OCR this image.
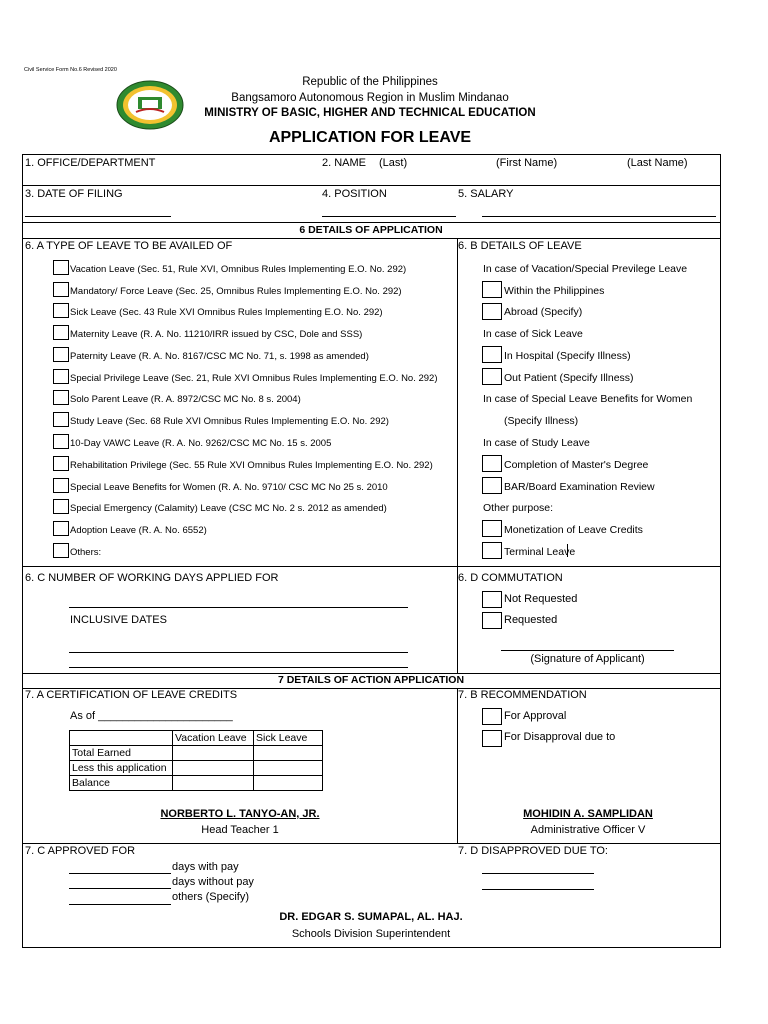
Civil Service Form No.6 Revised 2020
Republic of the Philippines
Bangsamoro Autonomous Region in Muslim Mindanao
MINISTRY OF BASIC, HIGHER AND TECHNICAL EDUCATION
APPLICATION FOR LEAVE
1. OFFICE/DEPARTMENT	2. NAME (Last)	(First Name)	(Last Name)
3. DATE OF FILING	4. POSITION	5. SALARY
6 DETAILS OF APPLICATION
6. A TYPE OF LEAVE TO BE AVAILED OF	6. B DETAILS OF LEAVE
Vacation Leave (Sec. 51, Rule XVI, Omnibus Rules Implementing E.O. No. 292)
Mandatory/ Force Leave (Sec. 25, Omnibus Rules Implementing E.O. No. 292)
Sick Leave (Sec. 43 Rule XVI Omnibus Rules Implementing E.O. No. 292)
Maternity Leave (R. A. No. 11210/IRR issued by CSC, Dole and SSS)
Paternity Leave (R. A. No. 8167/CSC MC No. 71, s. 1998 as amended)
Special Privilege Leave (Sec. 21, Rule XVI Omnibus Rules Implementing E.O. No. 292)
Solo Parent Leave (R. A. 8972/CSC MC No. 8 s. 2004)
Study Leave (Sec. 68 Rule XVI Omnibus Rules Implementing E.O. No. 292)
10-Day VAWC Leave (R. A. No. 9262/CSC MC No. 15 s. 2005
Rehabilitation Privilege (Sec. 55 Rule XVI Omnibus Rules Implementing E.O. No. 292)
Special Leave Benefits for Women (R. A. No. 9710/ CSC MC No 25 s. 2010
Special Emergency (Calamity) Leave (CSC MC No. 2 s. 2012 as amended)
Adoption Leave (R. A. No. 6552)
Others:
In case of Vacation/Special Previlege Leave
Within the Philippines
Abroad (Specify)
In case of Sick Leave
In Hospital (Specify Illness)
Out Patient (Specify Illness)
In case of Special Leave Benefits for Women
(Specify Illness)
In case of Study Leave
Completion of Master's Degree
BAR/Board Examination Review
Other purpose:
Monetization of Leave Credits
Terminal Leave
6. C NUMBER OF WORKING DAYS APPLIED FOR
INCLUSIVE DATES
6. D COMMUTATION
Not Requested
Requested
(Signature of Applicant)
7 DETAILS OF ACTION APPLICATION
7. A CERTIFICATION OF LEAVE CREDITS
As of ______________________
	Vacation Leave	Sick Leave
Total Earned		
Less this application		
Balance		
NORBERTO L. TANYO-AN, JR.
Head Teacher 1
7. B RECOMMENDATION
For Approval
For Disapproval due to
MOHIDIN A. SAMPLIDAN
Administrative Officer V
7. C APPROVED FOR
days with pay
days without pay
others (Specify)
7. D DISAPPROVED DUE TO:
DR. EDGAR S. SUMAPAL, AL. HAJ.
Schools Division Superintendent
